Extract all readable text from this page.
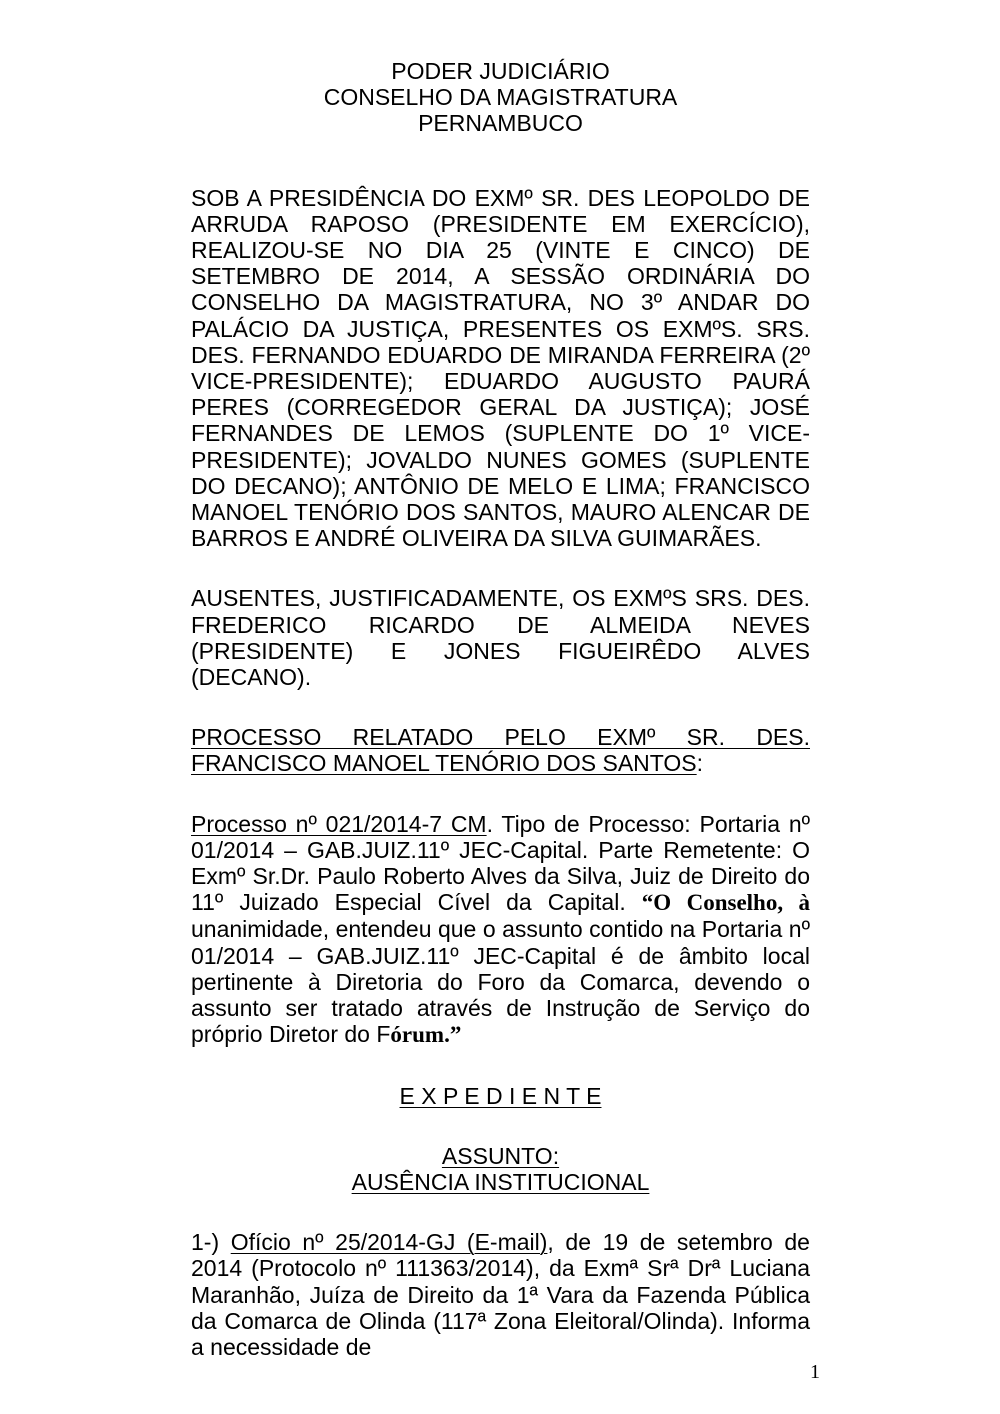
PODER JUDICIÁRIO
CONSELHO DA MAGISTRATURA
PERNAMBUCO

SOB A PRESIDÊNCIA DO EXMº SR. DES LEOPOLDO DE ARRUDA RAPOSO (PRESIDENTE EM EXERCÍCIO), REALIZOU-SE NO DIA 25 (VINTE E CINCO) DE SETEMBRO DE 2014, A SESSÃO ORDINÁRIA DO CONSELHO DA MAGISTRATURA, NO 3º ANDAR DO PALÁCIO DA JUSTIÇA, PRESENTES OS EXMºS. SRS. DES. FERNANDO EDUARDO DE MIRANDA FERREIRA (2º VICE-PRESIDENTE); EDUARDO AUGUSTO PAURÁ PERES (CORREGEDOR GERAL DA JUSTIÇA); JOSÉ FERNANDES DE LEMOS (SUPLENTE DO 1º VICE-PRESIDENTE); JOVALDO NUNES GOMES (SUPLENTE DO DECANO); ANTÔNIO DE MELO E LIMA; FRANCISCO MANOEL TENÓRIO DOS SANTOS, MAURO ALENCAR DE BARROS E ANDRÉ OLIVEIRA DA SILVA GUIMARÃES.

AUSENTES, JUSTIFICADAMENTE, OS EXMºS SRS. DES. FREDERICO RICARDO DE ALMEIDA NEVES (PRESIDENTE) E JONES FIGUEIRÊDO ALVES (DECANO).

PROCESSO RELATADO PELO EXMº SR. DES. FRANCISCO MANOEL TENÓRIO DOS SANTOS:

Processo nº 021/2014-7 CM. Tipo de Processo: Portaria nº 01/2014 – GAB.JUIZ.11º JEC-Capital. Parte Remetente: O Exmº Sr.Dr. Paulo Roberto Alves da Silva, Juiz de Direito do 11º Juizado Especial Cível da Capital. “O Conselho, à unanimidade, entendeu que o assunto contido na Portaria nº 01/2014 – GAB.JUIZ.11º JEC-Capital é de âmbito local pertinente à Diretoria do Foro da Comarca, devendo o assunto ser tratado através de Instrução de Serviço do próprio Diretor do Fórum.”

E X P E D I E N T E

ASSUNTO:
AUSÊNCIA INSTITUCIONAL

1-) Ofício nº 25/2014-GJ (E-mail), de 19 de setembro de 2014 (Protocolo nº 111363/2014), da Exmª Srª Drª Luciana Maranhão, Juíza de Direito da 1ª Vara da Fazenda Pública da Comarca de Olinda (117ª Zona Eleitoral/Olinda). Informa a necessidade de

1
